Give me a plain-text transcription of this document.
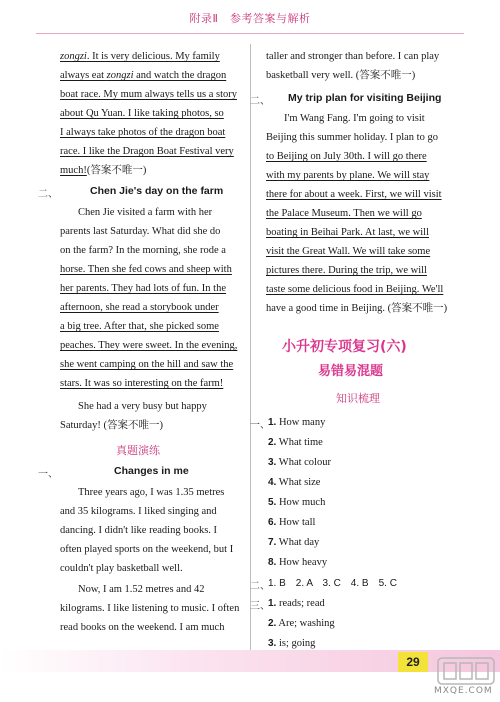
附录Ⅱ　参考答案与解析
zongzi. It is very delicious. My family
always eat zongzi and watch the dragon
boat race. My mum always tells us a story
about Qu Yuan. I like taking photos, so
I always take photos of the dragon boat
race. I like the Dragon Boat Festival very
much!(答案不唯一)
二、	Chen Jie's day on the farm
Chen Jie visited a farm with her
parents last Saturday. What did she do
on the farm? In the morning, she rode a
horse. Then she fed cows and sheep with
her parents. They had lots of fun. In the
afternoon, she read a storybook under
a big tree. After that, she picked some
peaches. They were sweet. In the evening,
she went camping on the hill and saw the
stars. It was so interesting on the farm!
She had a very busy but happy
Saturday! (答案不唯一)
真题演练
一、	Changes in me
Three years ago, I was 1.35 metres
and 35 kilograms. I liked singing and
dancing. I didn't like reading books. I
often played sports on the weekend, but I
couldn't play basketball well.
Now, I am 1.52 metres and 42
kilograms. I like listening to music. I often
read books on the weekend. I am much
taller and stronger than before. I can play
basketball very well. (答案不唯一)
二、 My trip plan for visiting Beijing
I'm Wang Fang. I'm going to visit
Beijing this summer holiday. I plan to go
to Beijing on July 30th. I will go there
with my parents by plane. We will stay
there for about a week. First, we will visit
the Palace Museum. Then we will go
boating in Beihai Park. At last, we will
visit the Great Wall. We will take some
pictures there. During the trip, we will
taste some delicious food in Beijing. We'll
have a good time in Beijing. (答案不唯一)
小升初专项复习(六)
易错易混题
知识梳理
一、
1. How many
2. What time
3. What colour
4. What size
5. How much
6. How tall
7. What day
8. How heavy
二、
1. B　2. A　3. C　4. B　5. C
三、
1. reads; read
2. Are; washing
3. is; going
29
MXQE.COM
